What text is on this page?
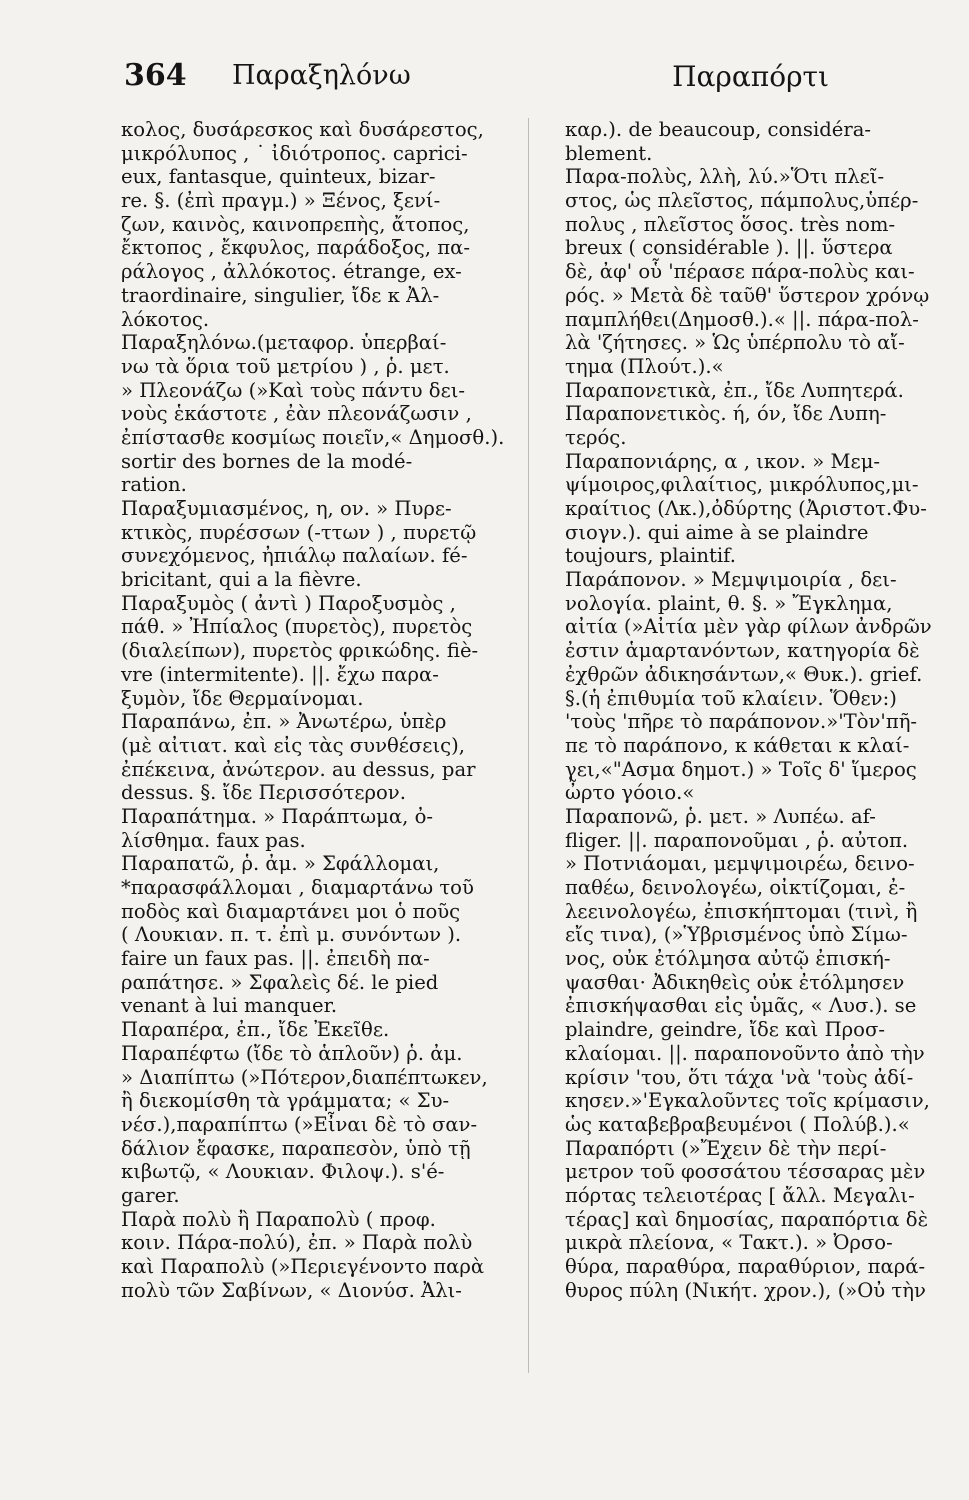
364 Παραξηλόνω	Παραπόρτι
κολος, δυσάρεσκος καὶ δυσάρεστος,
μικρόλυπος , ˙ ἰδιότροπος. caprici-
eux, fantasque, quinteux, bizar-
re. §. (ἐπὶ πραγμ.) » Ξένος, ξενί-
ζων, καινὸς, καινοπρεπὴς, ἄτοπος,
ἔκτοπος , ἔκφυλος, παράδοξος, πα-
ράλογος , ἀλλόκοτος. étrange, ex-
traordinaire, singulier, ἴδε κ Ἀλ-
λόκοτος.
Παραξηλόνω.(μεταφορ. ὑπερβαί-
νω τὰ ὅρια τοῦ μετρίου ) , ῥ. μετ.
» Πλεονάζω (»Καὶ τοὺς πάντυ δει-
νοὺς ἑκάστοτε , ἐὰν πλεονάζωσιν ,
ἐπίστασθε κοσμίως ποιεῖν,« Δημοσθ.).
sortir des bornes de la modé-
ration.
Παραξυμιασμένος, η, ον. » Πυρε-
κτικὸς, πυρέσσων (-ττων ) , πυρετῷ
συνεχόμενος, ἠπιάλῳ παλαίων. fé-
bricitant, qui a la fièvre.
Παραξυμὸς ( ἀντὶ ) Παροξυσμὸς ,
πάθ. » Ἠπίαλος (πυρετὸς), πυρετὸς
(διαλείπων), πυρετὸς φρικώδης. fiè-
vre (intermitente). ||. ἔχω παρα-
ξυμὸν, ἴδε Θερμαίνομαι.
Παραπάνω, ἐπ. » Ἀνωτέρω, ὑπὲρ
(μὲ αἰτιατ. καὶ εἰς τὰς συνθέσεις),
ἐπέκεινα, ἀνώτερον. au dessus, par
dessus. §. ἴδε Περισσότερον.
Παραπάτημα. » Παράπτωμα, ὀ-
λίσθημα. faux pas.
Παραπατῶ, ῥ. ἀμ. » Σφάλλομαι,
*παρασφάλλομαι , διαμαρτάνω τοῦ
ποδὸς καὶ διαμαρτάνει μοι ὁ ποῦς
( Λουκιαν. π. τ. ἐπὶ μ. συνόντων ).
faire un faux pas. ||. ἐπειδὴ πα-
ραπάτησε. » Σφαλεὶς δέ. le pied
venant à lui manquer.
Παραπέρα, ἐπ., ἴδε Ἐκεῖθε.
Παραπέφτω (ἴδε τὸ ἁπλοῦν) ῥ. ἀμ.
» Διαπίπτω (»Πότερον,διαπέπτωκεν,
ἢ διεκομίσθη τὰ γράμματα; « Συ-
νέσ.),παραπίπτω (»Εἶναι δὲ τὸ σαν-
δάλιον ἔφασκε, παραπεσὸν, ὑπὸ τῇ
κιβωτῷ, « Λουκιαν. Φιλοψ.). s'é-
garer.
Παρὰ πολὺ ἢ Παραπολὺ ( προφ.
κοιν. Πάρα-πολύ), ἐπ. » Παρὰ πολὺ
καὶ Παραπολὺ (»Περιεγένοντο παρὰ
πολὺ τῶν Σαβίνων, « Διονύσ. Ἀλι-
καρ.). de beaucoup, considéra-
blement.
Παρα-πολὺς, λλὴ, λύ.»Ὅτι πλεῖ-
στος, ὡς πλεῖστος, πάμπολυς,ὑπέρ-
πολυς , πλεῖστος ὅσος. très nom-
breux ( considérable ). ||. ὕστερα
δὲ, ἀφ' οὗ 'πέρασε πάρα-πολὺς και-
ρός. » Μετὰ δὲ ταῦθ' ὕστερον χρόνῳ
παμπλήθει(Δημοσθ.).« ||. πάρα-πολ-
λὰ 'ζήτησες. » Ὡς ὑπέρπολυ τὸ αἴ-
τημα (Πλούτ.).«
Παραπονετικὰ, ἐπ., ἴδε Λυπητερά.
Παραπονετικὸς. ή, όν, ἴδε Λυπη-
τερός.
Παραπονιάρης, α , ικον. » Μεμ-
ψίμοιρος,φιλαίτιος, μικρόλυπος,μι-
κραίτιος (Λκ.),ὀδύρτης (Ἀριστοτ.Φυ-
σιογν.). qui aime à se plaindre
toujours, plaintif.
Παράπονον. » Μεμψιμοιρία , δει-
νολογία. plaint, θ. §. » Ἔγκλημα,
αἰτία (»Αἰτία μὲν γὰρ φίλων ἀνδρῶν
ἐστιν ἁμαρτανόντων, κατηγορία δὲ
ἐχθρῶν ἀδικησάντων,« Θυκ.). grief.
§.(ἡ ἐπιθυμία τοῦ κλαίειν. Ὅθεν:)
'τοὺς 'πῆρε τὸ παράπονον.»'Τὸν'πῆ-
πε τὸ παράπονο, κ κάθεται κ κλαί-
γει,«"Ασμα δημοτ.) » Τοῖς δ' ἵμερος
ὦρτο γόοιο.«
Παραπονῶ, ῥ. μετ. » Λυπέω. af-
fliger. ||. παραπονοῦμαι , ῥ. αὐτοπ.
» Ποτνιάομαι, μεμψιμοιρέω, δεινο-
παθέω, δεινολογέω, οἰκτίζομαι, ἐ-
λεεινολογέω, ἐπισκήπτομαι (τινὶ, ἢ
εἴς τινα), (»Ὑβρισμένος ὑπὸ Σίμω-
νος, οὐκ ἐτόλμησα αὐτῷ ἐπισκή-
ψασθαι· Ἀδικηθεὶς οὐκ ἐτόλμησεν
ἐπισκήψασθαι εἰς ὑμᾶς, « Λυσ.). se
plaindre, geindre, ἴδε καὶ Προσ-
κλαίομαι. ||. παραπονοῦντο ἀπὸ τὴν
κρίσιν 'του, ὅτι τάχα 'νὰ 'τοὺς ἀδί-
κησεν.»'Εγκαλοῦντες τοῖς κρίμασιν,
ὡς καταβεβραβευμένοι ( Πολύβ.).«
Παραπόρτι (»Ἔχειν δὲ τὴν περί-
μετρον τοῦ φοσσάτου τέσσαρας μὲν
πόρτας τελειοτέρας [ ἄλλ. Μεγαλι-
τέρας] καὶ δημοσίας, παραπόρτια δὲ
μικρὰ πλείονα, « Τακτ.). » Ὀρσο-
θύρα, παραθύρα, παραθύριον, παρά-
θυρος πύλη (Νικήτ. χρον.), (»Οὐ τὴν
